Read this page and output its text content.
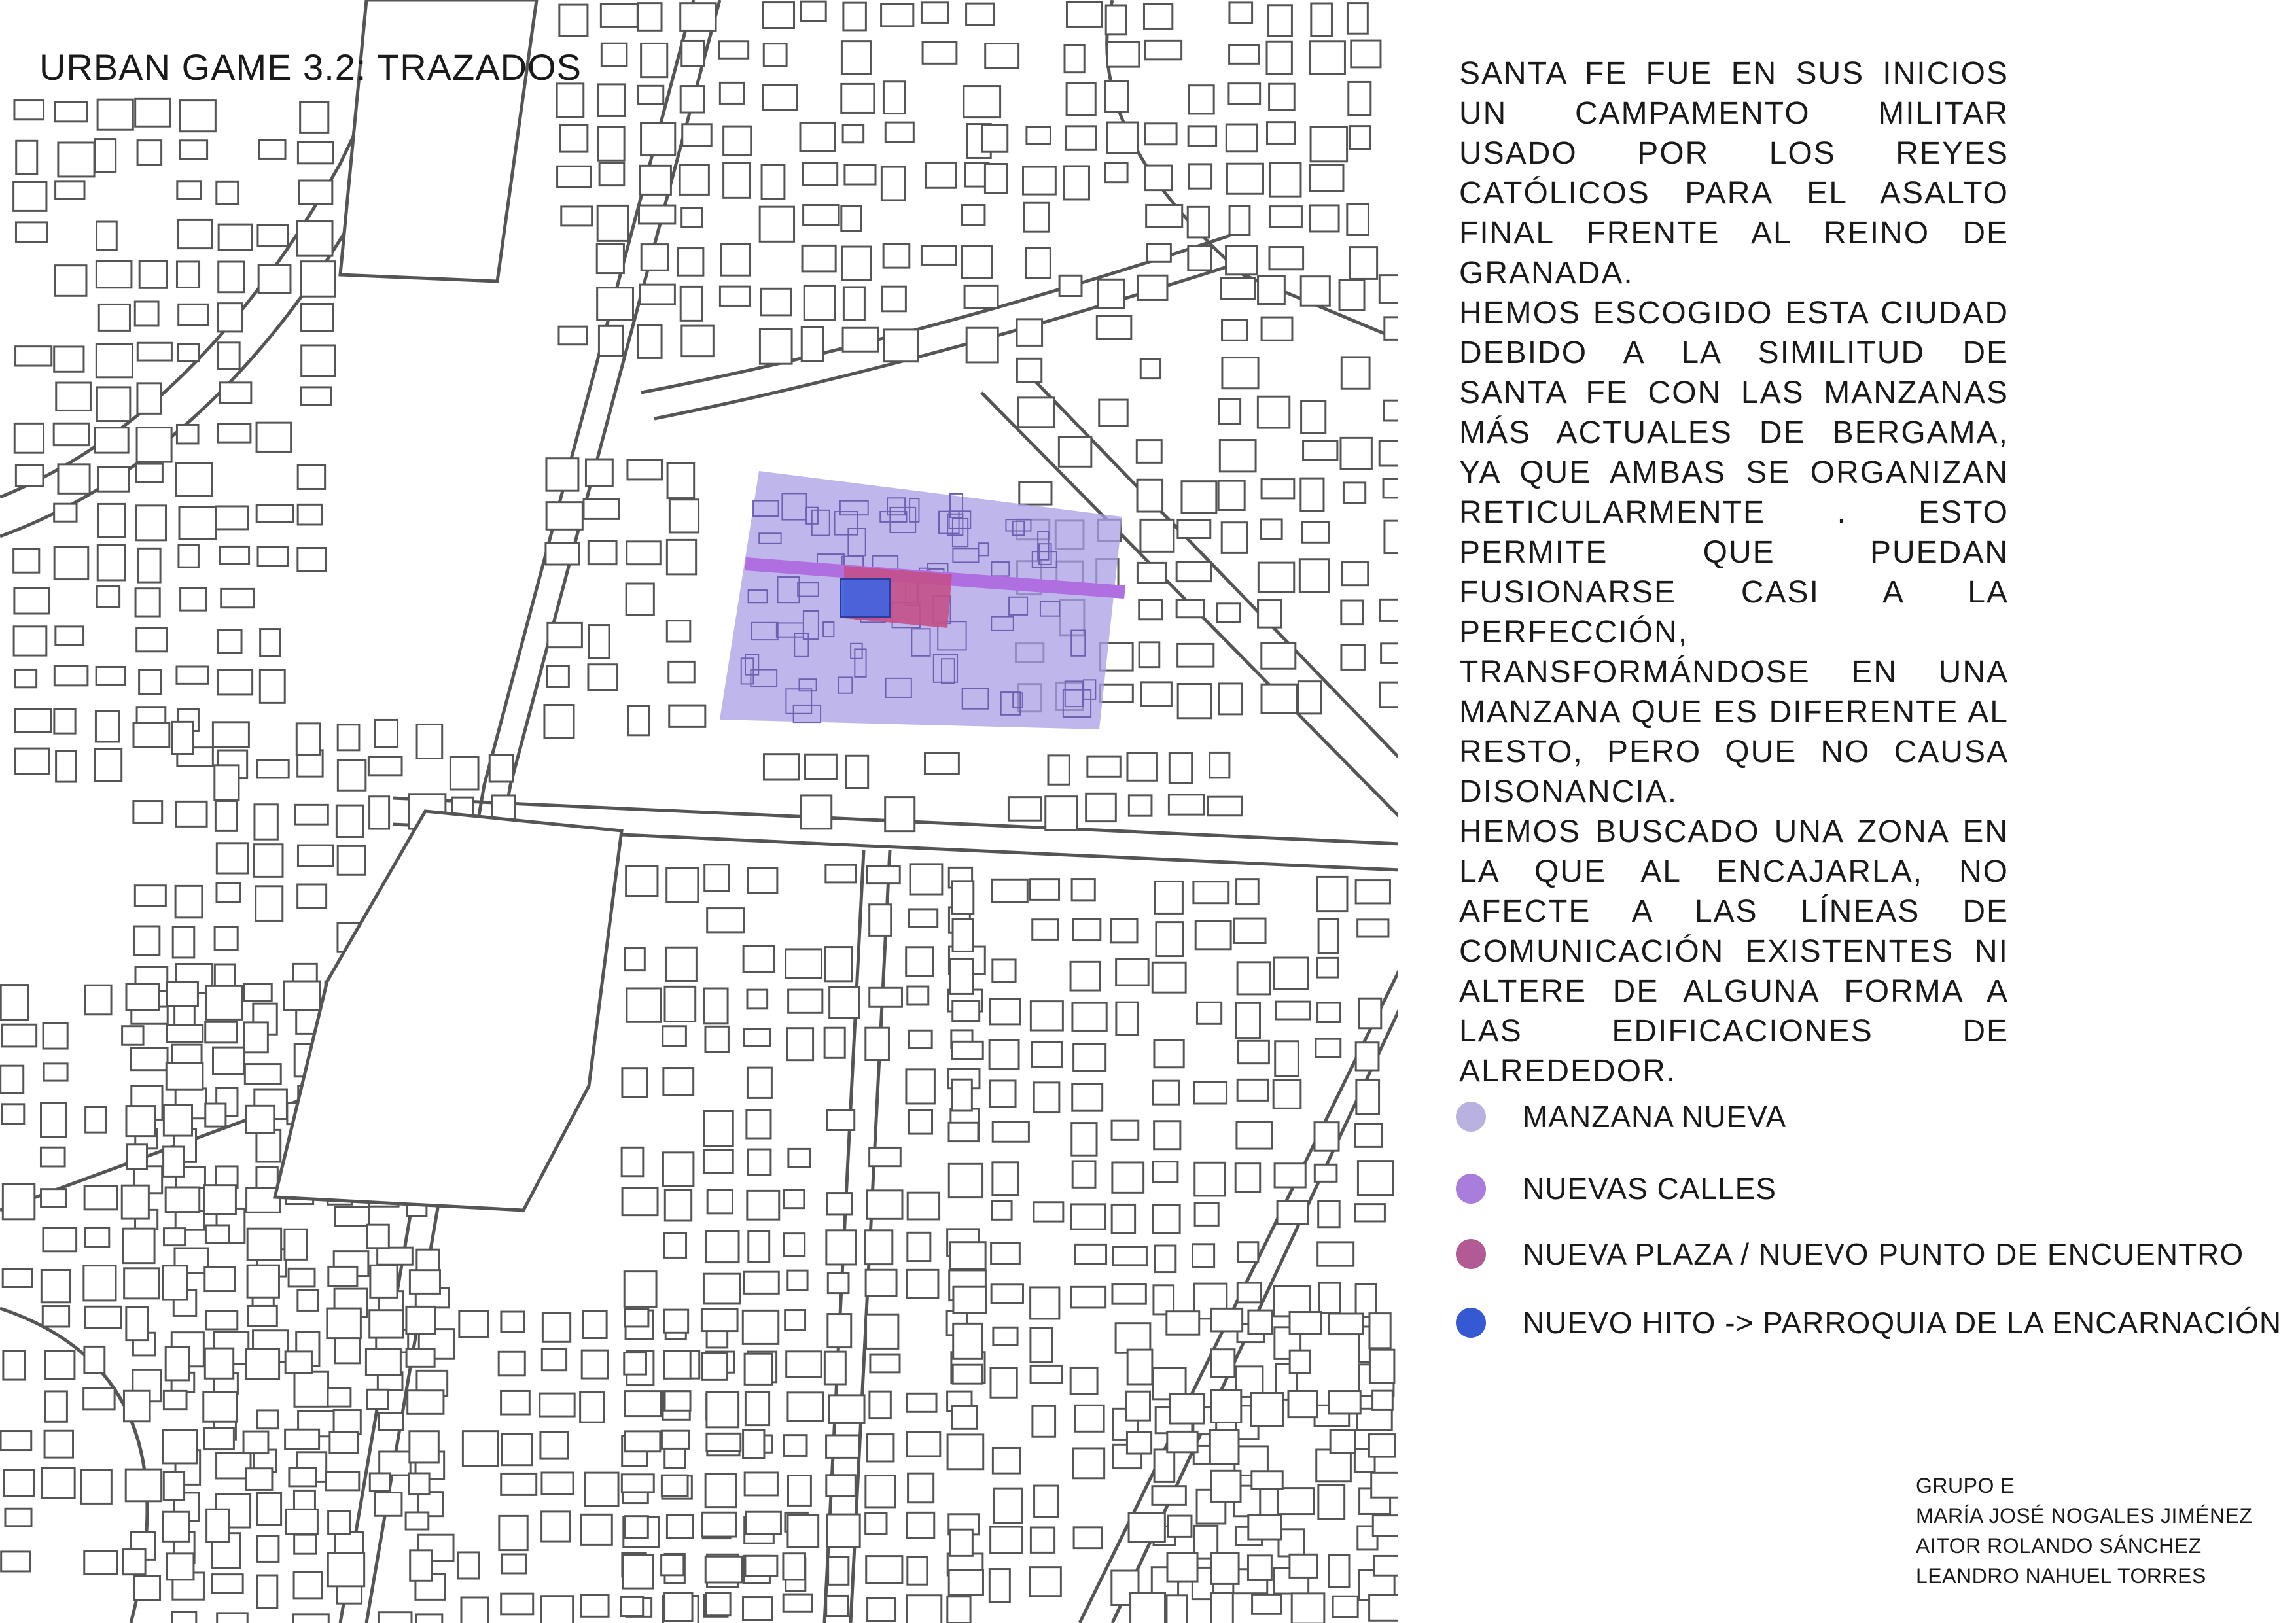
URBAN GAME 3.2: TRAZADOS	SANTA FE FUE EN SUS INICIOS UN CAMPAMENTO MILITAR USADO POR LOS REYES CATÓLICOS PARA EL ASALTO FINAL FRENTE AL REINO DE GRANADA.

HEMOS ESCOGIDO ESTA CIUDAD DEBIDO A LA SIMILITUD DE SANTA FE CON LAS MANZANAS MÁS ACTUALES DE BERGAMA, YA QUE AMBAS SE ORGANIZAN RETICULARMENTE . ESTO PERMITE QUE PUEDAN FUSIONARSE CASI A LA PERFECCIÓN, TRANSFORMÁNDOSE EN UNA MANZANA QUE ES DIFERENTE AL RESTO, PERO QUE NO CAUSA DISONANCIA.

HEMOS BUSCADO UNA ZONA EN LA QUE AL ENCAJARLA, NO AFECTE A LAS LÍNEAS DE COMUNICACIÓN EXISTENTES NI ALTERE DE ALGUNA FORMA A LAS EDIFICACIONES DE ALREDEDOR.

MANZANA NUEVA
NUEVAS CALLES
NUEVA PLAZA / NUEVO PUNTO DE ENCUENTRO
NUEVO HITO -> PARROQUIA DE LA ENCARNACIÓN
GRUPO E
MARÍA JOSÉ NOGALES JIMÉNEZ
AITOR ROLANDO SÁNCHEZ
LEANDRO NAHUEL TORRES
